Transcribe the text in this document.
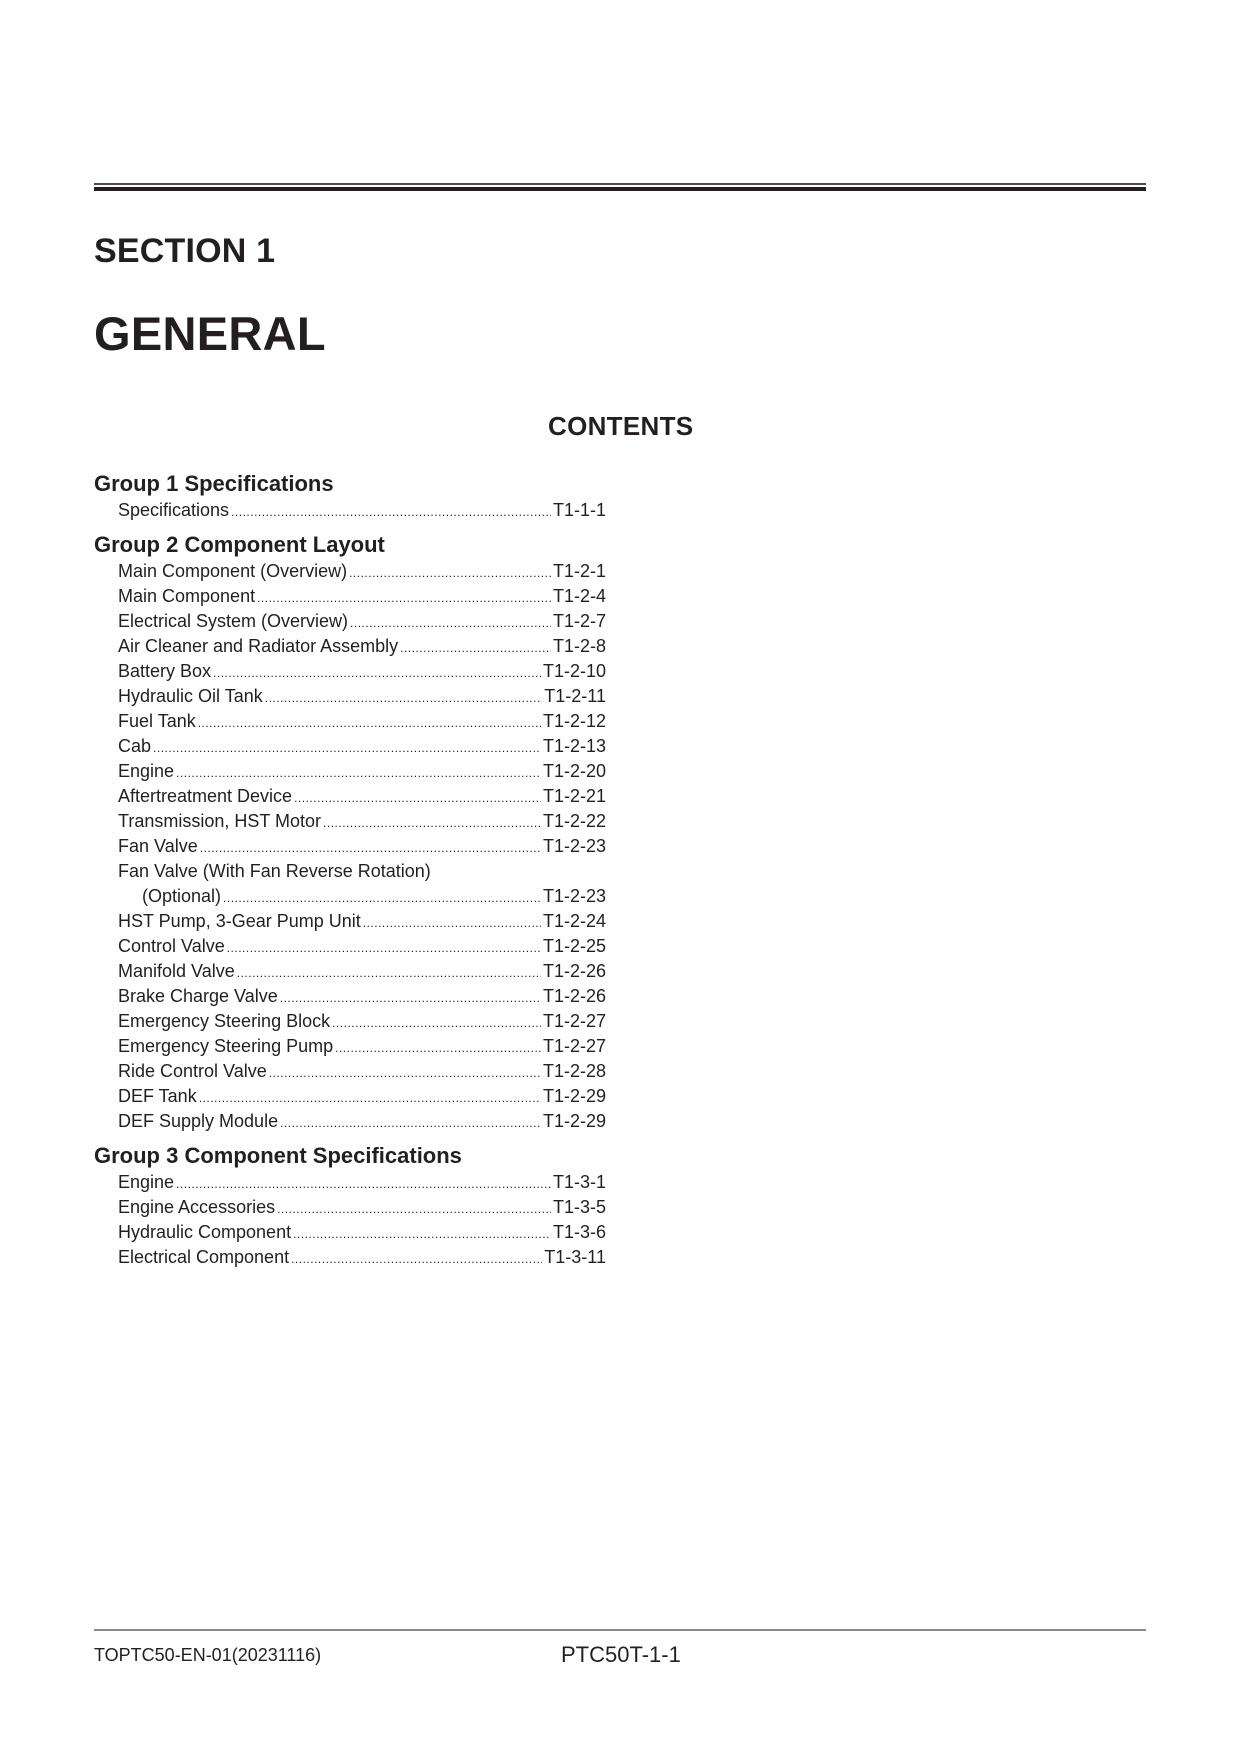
SECTION 1
GENERAL
CONTENTS
Group 1 Specifications
Specifications .....	T1-1-1
Group 2 Component Layout
Main Component (Overview) .....	T1-2-1
Main Component .....	T1-2-4
Electrical System (Overview) .....	T1-2-7
Air Cleaner and Radiator Assembly .....	T1-2-8
Battery Box .....	T1-2-10
Hydraulic Oil Tank .....	T1-2-11
Fuel Tank .....	T1-2-12
Cab .....	T1-2-13
Engine .....	T1-2-20
Aftertreatment Device .....	T1-2-21
Transmission, HST Motor .....	T1-2-22
Fan Valve .....	T1-2-23
Fan Valve (With Fan Reverse Rotation)
(Optional) .....	T1-2-23
HST Pump, 3-Gear Pump Unit .....	T1-2-24
Control Valve .....	T1-2-25
Manifold Valve .....	T1-2-26
Brake Charge Valve .....	T1-2-26
Emergency Steering Block .....	T1-2-27
Emergency Steering Pump .....	T1-2-27
Ride Control Valve .....	T1-2-28
DEF Tank .....	T1-2-29
DEF Supply Module .....	T1-2-29
Group 3 Component Specifications
Engine .....	T1-3-1
Engine Accessories .....	T1-3-5
Hydraulic Component .....	T1-3-6
Electrical Component .....	T1-3-11
TOPTC50-EN-01(20231116)	PTC50T-1-1
